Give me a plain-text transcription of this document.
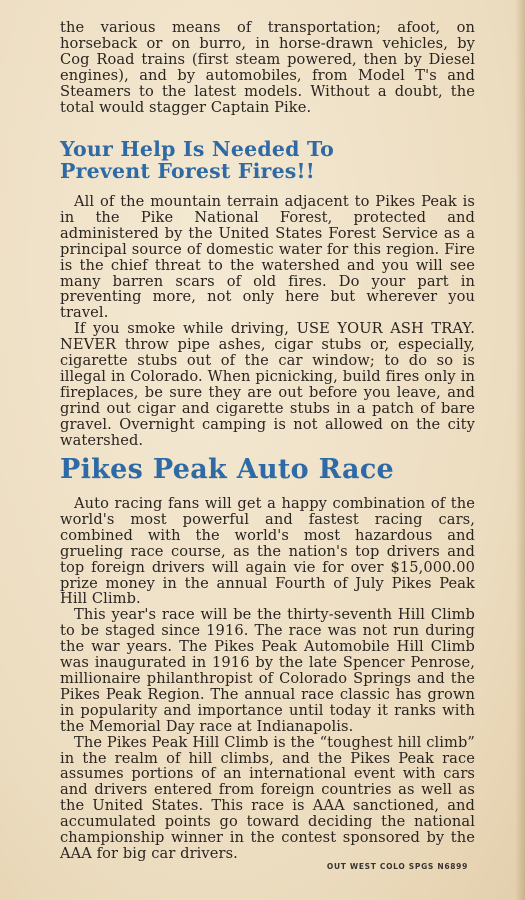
the various means of transportation; afoot, on horseback or on burro, in horse-drawn vehicles, by Cog Road trains (first steam powered, then by Diesel engines), and by automobiles, from Model T's and Steamers to the latest models. Without a doubt, the total would stagger Captain Pike.

Your Help Is Needed To
Prevent Forest Fires!!

All of the mountain terrain adjacent to Pikes Peak is in the Pike National Forest, protected and administered by the United States Forest Service as a principal source of domestic water for this region. Fire is the chief threat to the watershed and you will see many barren scars of old fires. Do your part in preventing more, not only here but wherever you travel.

If you smoke while driving, USE YOUR ASH TRAY. NEVER throw pipe ashes, cigar stubs or, especially, cigarette stubs out of the car window; to do so is illegal in Colorado. When picnicking, build fires only in fireplaces, be sure they are out before you leave, and grind out cigar and cigarette stubs in a patch of bare gravel. Overnight camping is not allowed on the city watershed.

Pikes Peak Auto Race

Auto racing fans will get a happy combination of the world's most powerful and fastest racing cars, combined with the world's most hazardous and grueling race course, as the nation's top drivers and top foreign drivers will again vie for over $15,000.00 prize money in the annual Fourth of July Pikes Peak Hill Climb.

This year's race will be the thirty-seventh Hill Climb to be staged since 1916. The race was not run during the war years. The Pikes Peak Automobile Hill Climb was inaugurated in 1916 by the late Spencer Penrose, millionaire philanthropist of Colorado Springs and the Pikes Peak Region. The annual race classic has grown in popularity and importance until today it ranks with the Memorial Day race at Indianapolis.

The Pikes Peak Hill Climb is the “toughest hill climb” in the realm of hill climbs, and the Pikes Peak race assumes portions of an international event with cars and drivers entered from foreign countries as well as the United States. This race is AAA sanctioned, and accumulated points go toward deciding the national championship winner in the contest sponsored by the AAA for big car drivers.

OUT WEST COLO SPGS N6899
